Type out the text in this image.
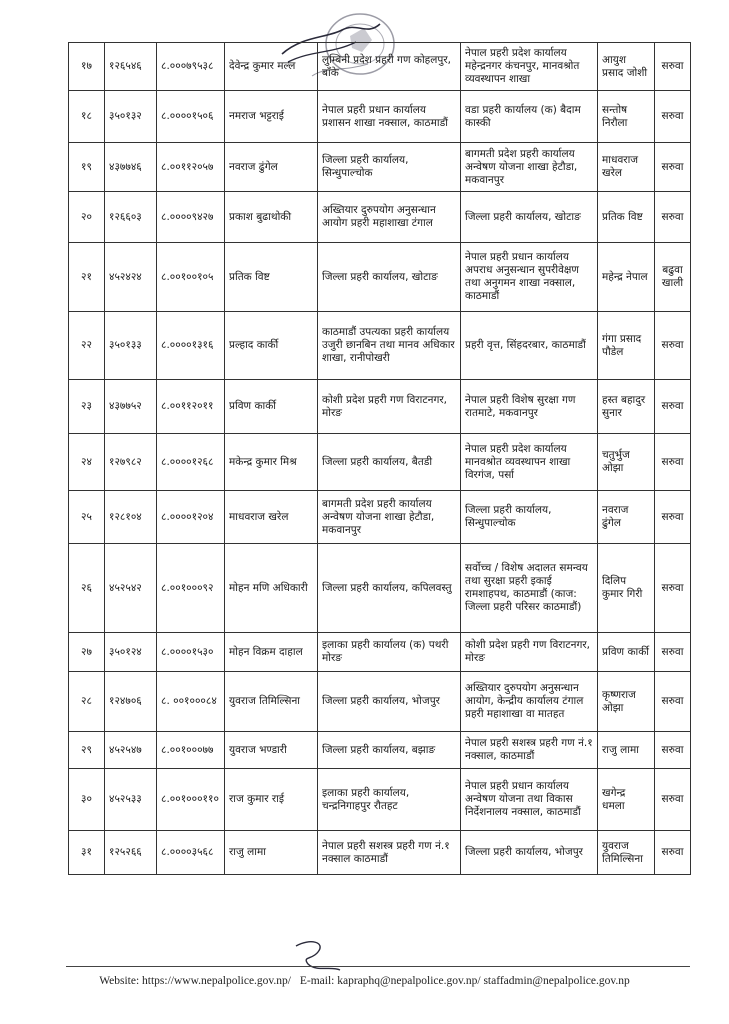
१७	१२६५४६	८.०००७९५३८	देवेन्द्र कुमार मल्ल	लुम्बिनी प्रदेश प्रहरी गण कोहलपुर, बाँके	नेपाल प्रहरी प्रदेश कार्यालय महेन्द्रनगर कंचनपुर, मानवश्रोत व्यवस्थापन शाखा	आयुश प्रसाद जोशी	सरुवा
१८	३५०१३२	८.००००१५०६	नमराज भट्टराई	नेपाल प्रहरी प्रधान कार्यालय प्रशासन शाखा नक्साल, काठमाडौं	वडा प्रहरी कार्यालय (क) बैदाम कास्की	सन्तोष निरौला	सरुवा
१९	४३७७४६	८.००११२०५७	नवराज ढुंगेल	जिल्ला प्रहरी कार्यालय, सिन्धुपाल्चोक	बागमती प्रदेश प्रहरी कार्यालय अन्वेषण योजना शाखा हेटौडा, मकवानपुर	माधवराज खरेल	सरुवा
२०	१२६६०३	८.००००९४२७	प्रकाश बुढाथोकी	अख्तियार दुरुपयोग अनुसन्धान आयोग प्रहरी महाशाखा टंगाल	जिल्ला प्रहरी कार्यालय, खोटाङ	प्रतिक विष्ट	सरुवा
२१	४५२४२४	८.००१००१०५	प्रतिक विष्ट	जिल्ला प्रहरी कार्यालय, खोटाङ	नेपाल प्रहरी प्रधान कार्यालय अपराध अनुसन्धान सुपरीवेक्षण तथा अनुगमन शाखा नक्साल, काठमाडौं	महेन्द्र नेपाल	बढुवा खाली
२२	३५०१३३	८.००००१३१६	प्रल्हाद कार्की	काठमाडौं उपत्यका प्रहरी कार्यालय उजुरी छानबिन तथा मानव अधिकार शाखा, रानीपोखरी	प्रहरी वृत्त, सिंहदरबार, काठमाडौं	गंगा प्रसाद पौडेल	सरुवा
२३	४३७७५२	८.००११२०११	प्रविण कार्की	कोशी प्रदेश प्रहरी गण विराटनगर, मोरङ	नेपाल प्रहरी विशेष सुरक्षा गण रातमाटे, मकवानपुर	हस्त बहादुर सुनार	सरुवा
२४	१२७९८२	८.००००१२६८	मकेन्द्र कुमार मिश्र	जिल्ला प्रहरी कार्यालय, बैतडी	नेपाल प्रहरी प्रदेश कार्यालय मानवश्रोत व्यवस्थापन शाखा विरगंज, पर्सा	चतुर्भुज ओझा	सरुवा
२५	१२८१०४	८.००००१२०४	माधवराज खरेल	बागमती प्रदेश प्रहरी कार्यालय अन्वेषण योजना शाखा हेटौडा, मकवानपुर	जिल्ला प्रहरी कार्यालय, सिन्धुपाल्चोक	नवराज ढुंगेल	सरुवा
२६	४५२५४२	८.००१०००९२	मोहन मणि अधिकारी	जिल्ला प्रहरी कार्यालय, कपिलवस्तु	सर्वोच्च / विशेष अदालत समन्वय तथा सुरक्षा प्रहरी इकाई रामशाहपथ, काठमाडौं (काज: जिल्ला प्रहरी परिसर काठमाडौं)	दिलिप कुमार गिरी	सरुवा
२७	३५०१२४	८.००००१५३०	मोहन विक्रम दाहाल	इलाका प्रहरी कार्यालय (क) पथरी मोरङ	कोशी प्रदेश प्रहरी गण विराटनगर, मोरङ	प्रविण कार्की	सरुवा
२८	१२४७०६	८. ००१०००८४	युवराज तिमिल्सिना	जिल्ला प्रहरी कार्यालय, भोजपुर	अख्तियार दुरुपयोग अनुसन्धान आयोग, केन्द्रीय कार्यालय टंगाल प्रहरी महाशाखा वा मातहत	कृष्णराज ओझा	सरुवा
२९	४५२५४७	८.००१०००७७	युवराज भण्डारी	जिल्ला प्रहरी कार्यालय, बझाङ	नेपाल प्रहरी सशस्त्र प्रहरी गण नं.१ नक्साल, काठमाडौं	राजु लामा	सरुवा
३०	४५२५३३	८.००१०००११०	राज कुमार राई	इलाका प्रहरी कार्यालय, चन्द्रनिगाहपुर रौतहट	नेपाल प्रहरी प्रधान कार्यालय अन्वेषण योजना तथा विकास निर्देशनालय नक्साल, काठमाडौं	खगेन्द्र धमला	सरुवा
३१	१२५२६६	८.००००३५६८	राजु लामा	नेपाल प्रहरी सशस्त्र प्रहरी गण नं.१ नक्साल काठमाडौं	जिल्ला प्रहरी कार्यालय, भोजपुर	युवराज तिमिल्सिना	सरुवा
Website: https://www.nepalpolice.gov.np/ E-mail: kapraphq@nepalpolice.gov.np/ staffadmin@nepalpolice.gov.np
